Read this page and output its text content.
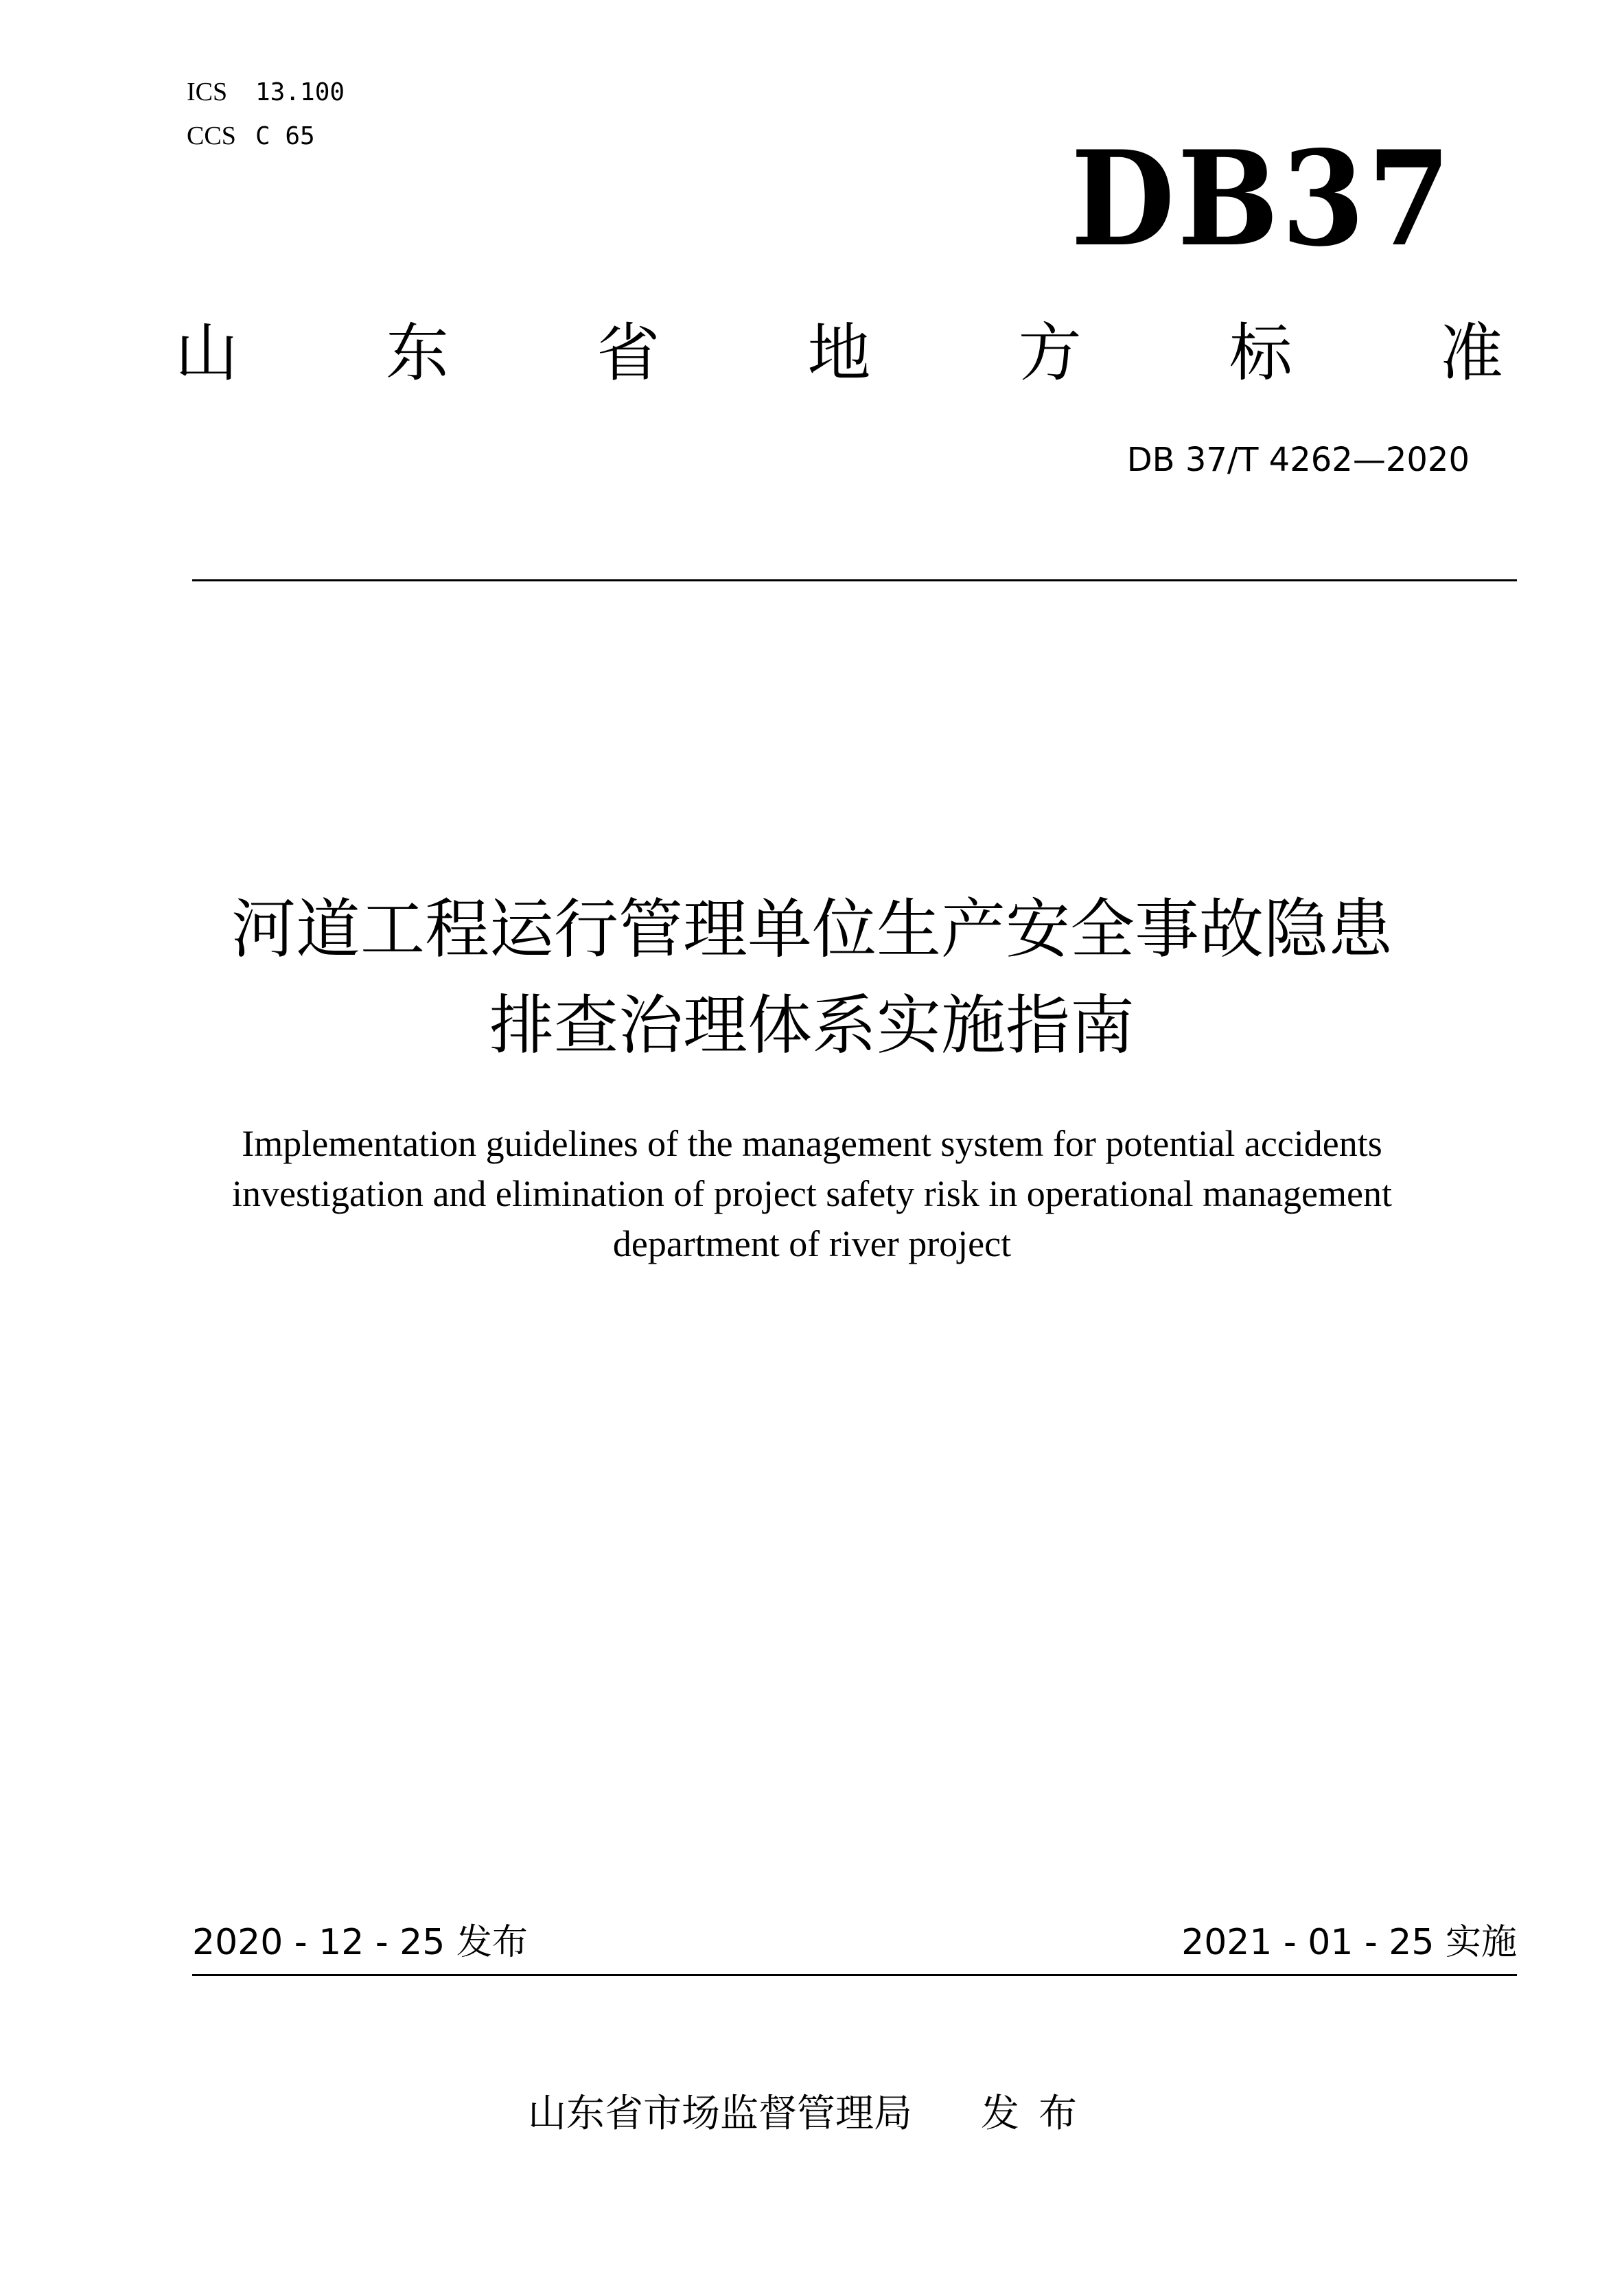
ICS	13.100
CCS C 65	DB37
山 东 省 地 方 标 准
DB 37/T 4262—2020
河道工程运行管理单位生产安全事故隐患
排查治理体系实施指南
Implementation guidelines of the management system for potential accidents
investigation and elimination of project safety risk in operational management
department of river project
2020 - 12 - 25 发布	2021 - 01 - 25 实施
山东省市场监督管理局 发布
